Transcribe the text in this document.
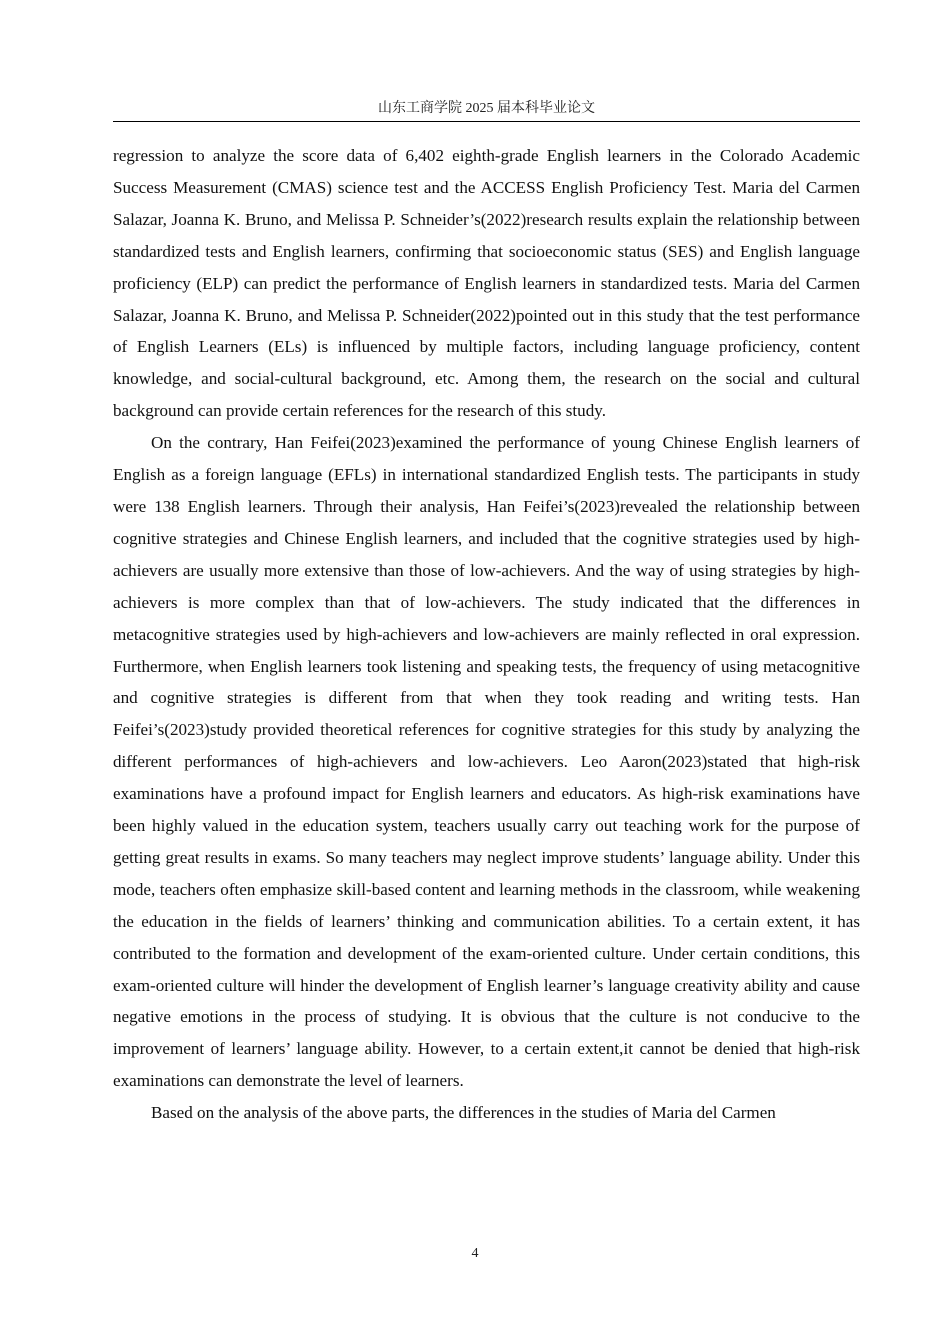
山东工商学院 2025 届本科毕业论文

regression to analyze the score data of 6,402 eighth-grade English learners in the Colorado Academic Success Measurement (CMAS) science test and the ACCESS English Proficiency Test. Maria del Carmen Salazar, Joanna K. Bruno, and Melissa P. Schneider’s(2022)research results explain the relationship between standardized tests and English learners, confirming that socioeconomic status (SES) and English language proficiency (ELP) can predict the performance of English learners in standardized tests. Maria del Carmen Salazar, Joanna K. Bruno, and Melissa P. Schneider(2022)pointed out in this study that the test performance of English Learners (ELs) is influenced by multiple factors, including language proficiency, content knowledge, and social-cultural background, etc. Among them, the research on the social and cultural background can provide certain references for the research of this study.

On the contrary, Han Feifei(2023)examined the performance of young Chinese English learners of English as a foreign language (EFLs) in international standardized English tests. The participants in study were 138 English learners. Through their analysis, Han Feifei’s(2023)revealed the relationship between cognitive strategies and Chinese English learners, and included that the cognitive strategies used by high-achievers are usually more extensive than those of low-achievers. And the way of using strategies by high-achievers is more complex than that of low-achievers. The study indicated that the differences in metacognitive strategies used by high-achievers and low-achievers are mainly reflected in oral expression. Furthermore, when English learners took listening and speaking tests, the frequency of using metacognitive and cognitive strategies is different from that when they took reading and writing tests. Han Feifei’s(2023)study provided theoretical references for cognitive strategies for this study by analyzing the different performances of high-achievers and low-achievers. Leo Aaron(2023)stated that high-risk examinations have a profound impact for English learners and educators. As high-risk examinations have been highly valued in the education system, teachers usually carry out teaching work for the purpose of getting great results in exams. So many teachers may neglect improve students’ language ability. Under this mode, teachers often emphasize skill-based content and learning methods in the classroom, while weakening the education in the fields of learners’ thinking and communication abilities. To a certain extent, it has contributed to the formation and development of the exam-oriented culture. Under certain conditions, this exam-oriented culture will hinder the development of English learner’s language creativity ability and cause negative emotions in the process of studying. It is obvious that the culture is not conducive to the improvement of learners’ language ability. However, to a certain extent,it cannot be denied that high-risk examinations can demonstrate the level of learners.

Based on the analysis of the above parts, the differences in the studies of Maria del Carmen

4
